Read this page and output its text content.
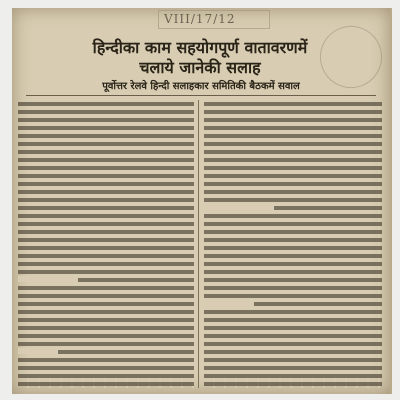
VIII/17/12
हिन्दीका काम सहयोगपूर्ण वातावरणमें
चलाये जानेकी सलाह
पूर्वोत्तर रेलवे हिन्दी सलाहकार समितिकी बैठकमें सवाल
